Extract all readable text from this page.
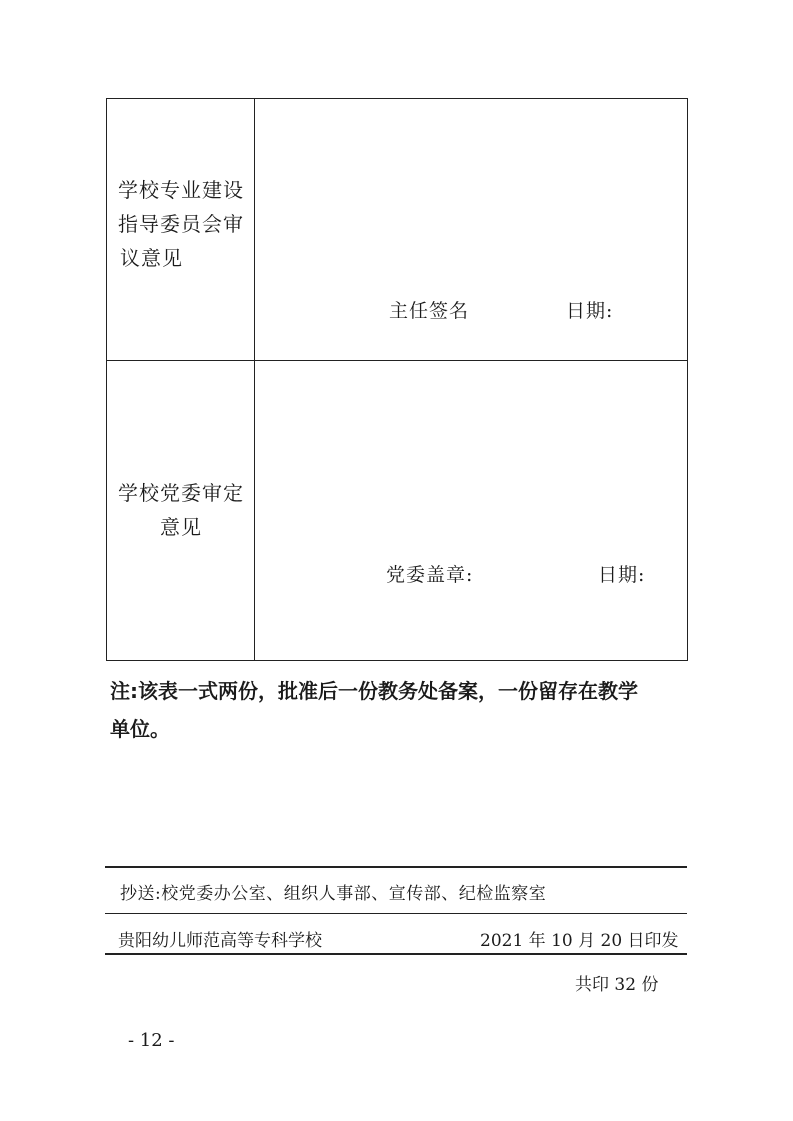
学校专业建设
指导委员会审
议意见
主任签名	日期:
学校党委审定
意见
党委盖章:	日期:
注:该表一式两份，批准后一份教务处备案，一份留存在教学
单位。
抄送:校党委办公室、组织人事部、宣传部、纪检监察室
贵阳幼儿师范高等专科学校	2021 年 10 月 20 日印发
共印 32 份
- 12 -
